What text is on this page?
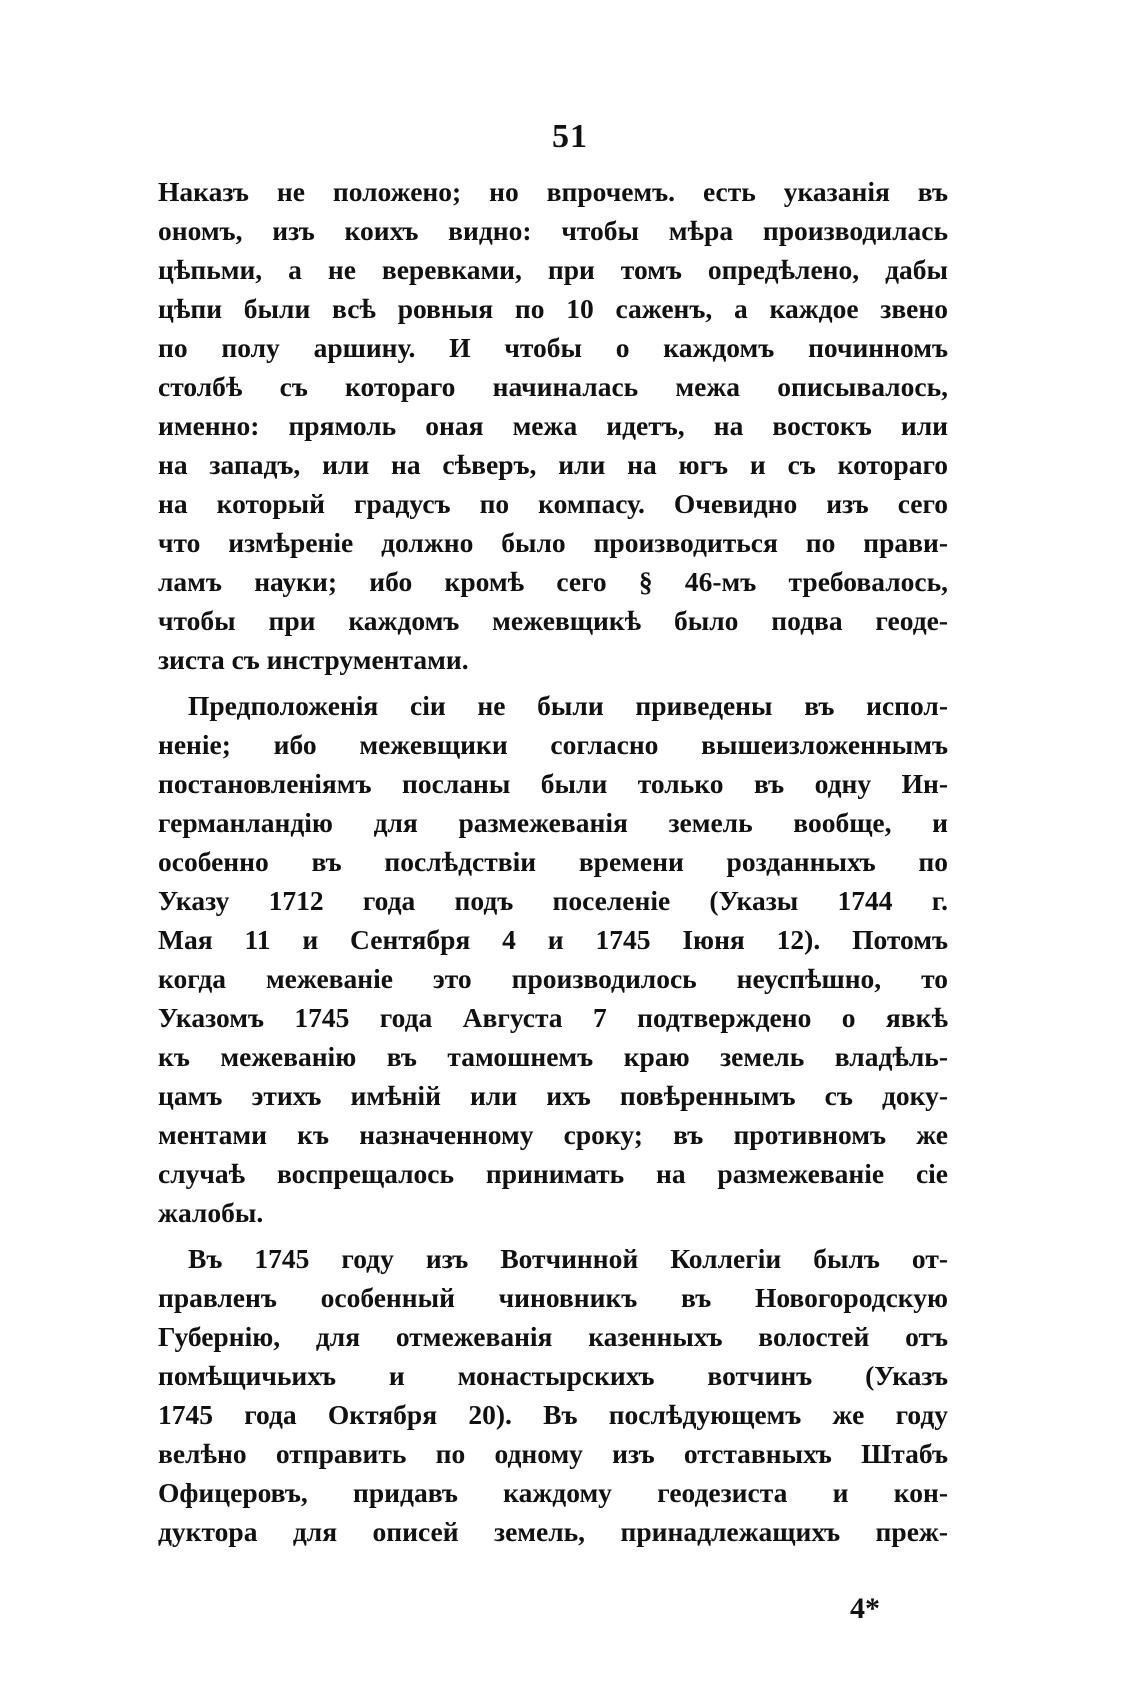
51
Наказъ не положено; но впрочемъ. есть указанія въ
ономъ, изъ коихъ видно: чтобы мѣра производилась
цѣпьми, а не веревками, при томъ опредѣлено, дабы
цѣпи были всѣ ровныя по 10 саженъ, а каждое звено
по полу аршину. И чтобы о каждомъ починномъ
столбѣ съ котораго начиналась межа описывалось,
именно: прямоль оная межа идетъ, на востокъ или
на западъ, или на сѣверъ, или на югъ и съ котораго
на который градусъ по компасу. Очевидно изъ сего
что измѣреніе должно было производиться по прави-
ламъ науки; ибо кромѣ сего § 46-мъ требовалось,
чтобы при каждомъ межевщикѣ было подва геоде-
зиста съ инструментами.
Предположенія сіи не были приведены въ испол-
неніе; ибо межевщики согласно вышеизложеннымъ
постановленіямъ посланы были только въ одну Ин-
германландію для размежеванія земель вообще, и
особенно въ послѣдствіи времени розданныхъ по
Указу 1712 года подъ поселеніе (Указы 1744 г.
Мая 11 и Сентября 4 и 1745 Іюня 12). Потомъ
когда межеваніе это производилось неуспѣшно, то
Указомъ 1745 года Августа 7 подтверждено о явкѣ
къ межеванію въ тамошнемъ краю земель владѣль-
цамъ этихъ имѣній или ихъ повѣреннымъ съ доку-
ментами къ назначенному сроку; въ противномъ же
случаѣ воспрещалось принимать на размежеваніе сіе
жалобы.
Въ 1745 году изъ Вотчинной Коллегіи былъ от-
правленъ особенный чиновникъ въ Новогородскую
Губернію, для отмежеванія казенныхъ волостей отъ
помѣщичьихъ и монастырскихъ вотчинъ (Указъ
1745 года Октября 20). Въ послѣдующемъ же году
велѣно отправить по одному изъ отставныхъ Штабъ
Офицеровъ, придавъ каждому геодезиста и кон-
дуктора для описей земель, принадлежащихъ преж-
4*
